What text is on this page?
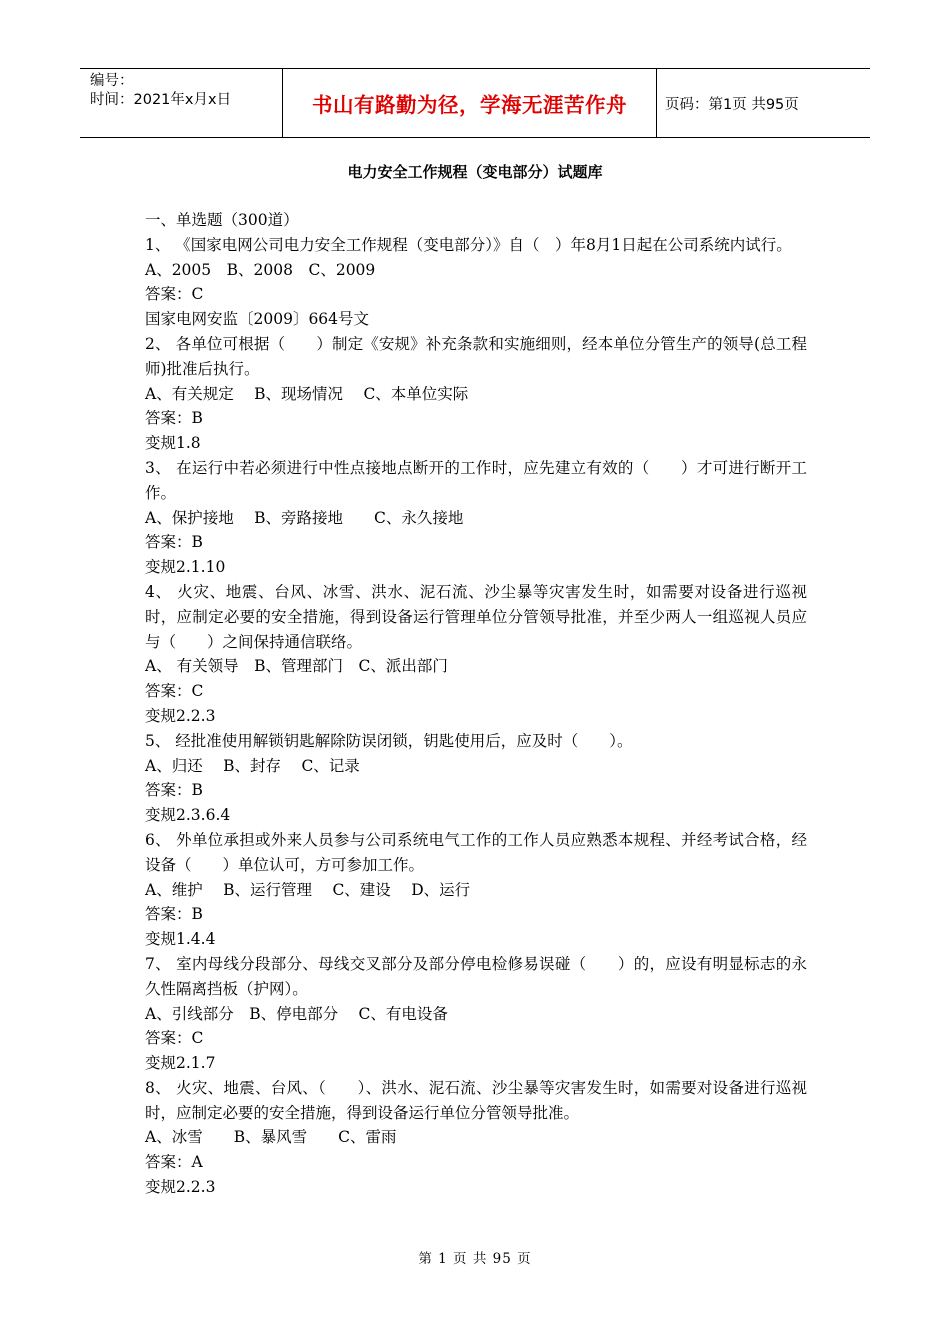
编号：
时间：2021年x月x日	书山有路勤为径，学海无涯苦作舟	页码：第1页 共95页
电力安全工作规程（变电部分）试题库

一、单选题（300道）

1、 《国家电网公司电力安全工作规程（变电部分）》自（　）年8月1日起在公司系统内试行。

A、2005　B、2008　C、2009

答案：C

国家电网安监〔2009〕664号文

2、 各单位可根据（　　）制定《安规》补充条款和实施细则，经本单位分管生产的领导(总工程师)批准后执行。

A、有关规定　 B、现场情况　 C、本单位实际

答案：B

变规1.8

3、 在运行中若必须进行中性点接地点断开的工作时，应先建立有效的（　　）才可进行断开工作。

A、保护接地　 B、旁路接地　　C、永久接地

答案：B

变规2.1.10

4、 火灾、地震、台风、冰雪、洪水、泥石流、沙尘暴等灾害发生时，如需要对设备进行巡视时，应制定必要的安全措施，得到设备运行管理单位分管领导批准，并至少两人一组巡视人员应与（　　）之间保持通信联络。

A、 有关领导　B、管理部门　C、派出部门

答案：C

变规2.2.3

5、 经批准使用解锁钥匙解除防误闭锁，钥匙使用后，应及时（　　）。

A、归还　 B、封存　 C、记录

答案：B

变规2.3.6.4

6、 外单位承担或外来人员参与公司系统电气工作的工作人员应熟悉本规程、并经考试合格，经设备（　　）单位认可，方可参加工作。

A、维护　 B、运行管理　 C、建设　 D、运行

答案：B

变规1.4.4

7、 室内母线分段部分、母线交叉部分及部分停电检修易误碰（　　）的，应设有明显标志的永久性隔离挡板（护网）。

A、引线部分　B、停电部分　 C、有电设备

答案：C

变规2.1.7

8、 火灾、地震、台风、（　　）、洪水、泥石流、沙尘暴等灾害发生时，如需要对设备进行巡视时，应制定必要的安全措施，得到设备运行单位分管领导批准。

A、冰雪　　B、暴风雪　　C、雷雨

答案：A

变规2.2.3

第 1 页 共 95 页
